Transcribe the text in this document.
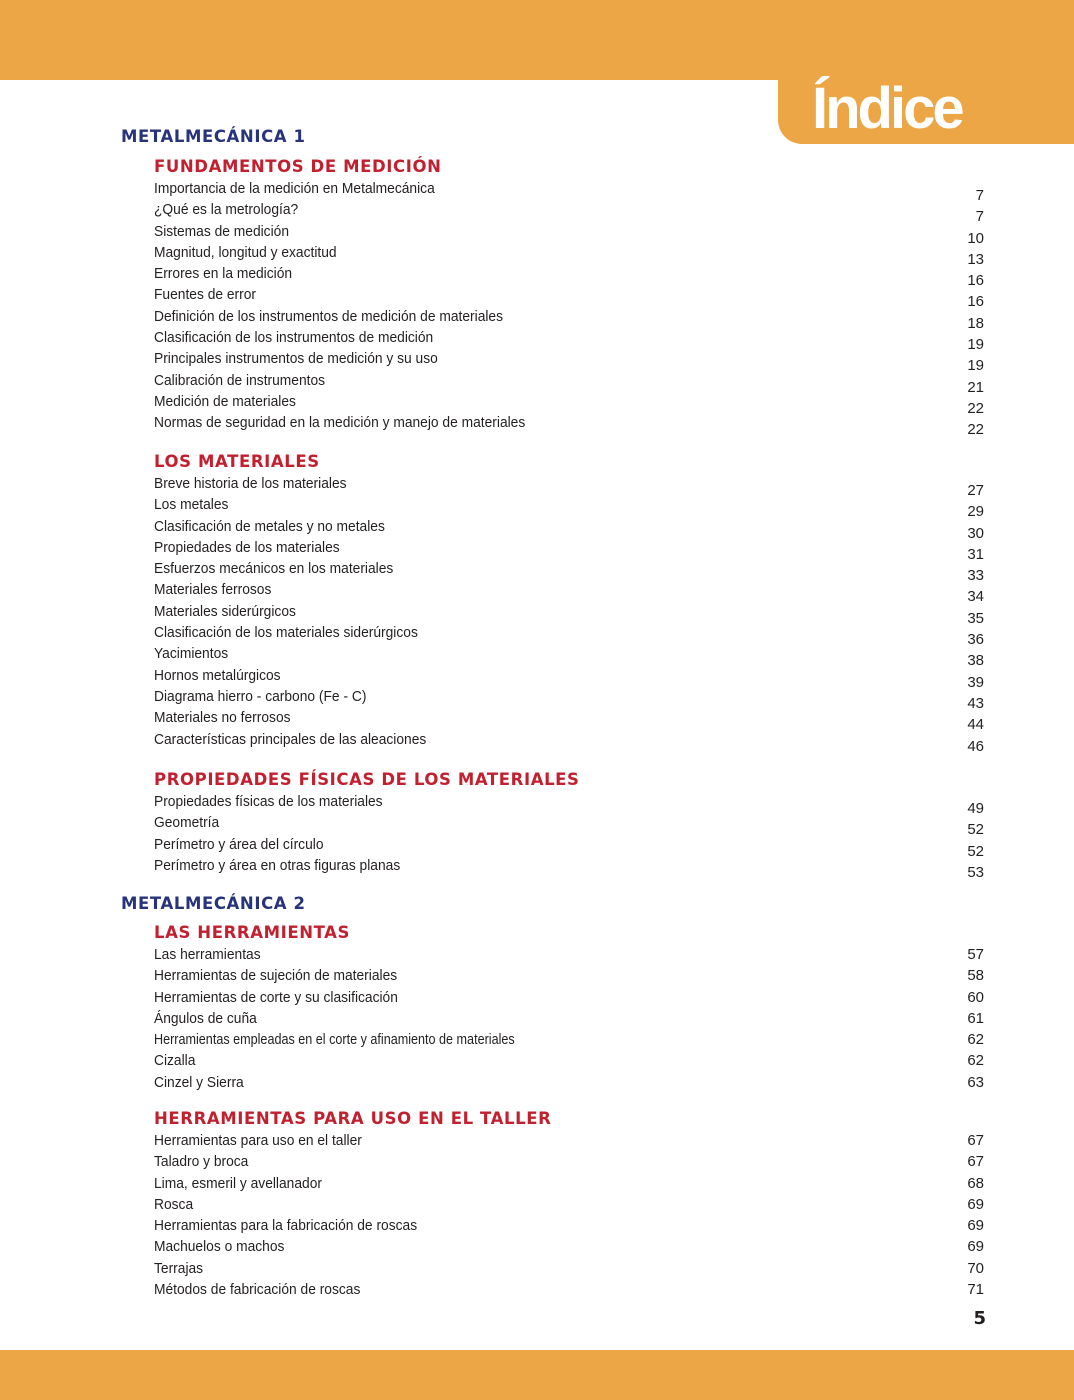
Índice
METALMECÁNICA 1
FUNDAMENTOS DE MEDICIÓN
Importancia de la medición en Metalmecánica	7
¿Qué es la metrología?	7
Sistemas de medición	10
Magnitud, longitud y exactitud	13
Errores en la medición	16
Fuentes de error	16
Definición de los instrumentos de medición de materiales	18
Clasificación de los instrumentos de medición	19
Principales instrumentos de medición y su uso	19
Calibración de instrumentos	21
Medición de materiales	22
Normas de seguridad en la medición y manejo de materiales	22
LOS MATERIALES
Breve historia de los materiales	27
Los metales	29
Clasificación de metales y no metales	30
Propiedades de los materiales	31
Esfuerzos mecánicos en los materiales	33
Materiales ferrosos	34
Materiales siderúrgicos	35
Clasificación de los materiales siderúrgicos	36
Yacimientos	38
Hornos metalúrgicos	39
Diagrama hierro - carbono (Fe - C)	43
Materiales no ferrosos	44
Características principales de las aleaciones	46
PROPIEDADES FÍSICAS DE LOS MATERIALES
Propiedades físicas de los materiales	49
Geometría	52
Perímetro y área del círculo	52
Perímetro y área en otras figuras planas	53
METALMECÁNICA 2
LAS HERRAMIENTAS
Las herramientas	57
Herramientas de sujeción de materiales	58
Herramientas de corte y su clasificación	60
Ángulos de cuña	61
Herramientas empleadas en el corte y afinamiento de materiales	62
Cizalla	62
Cinzel y Sierra	63
HERRAMIENTAS PARA USO EN EL TALLER
Herramientas para uso en el taller	67
Taladro y broca	67
Lima, esmeril y avellanador	68
Rosca	69
Herramientas para la fabricación de roscas	69
Machuelos o machos	69
Terrajas	70
Métodos de fabricación de roscas	71
5
